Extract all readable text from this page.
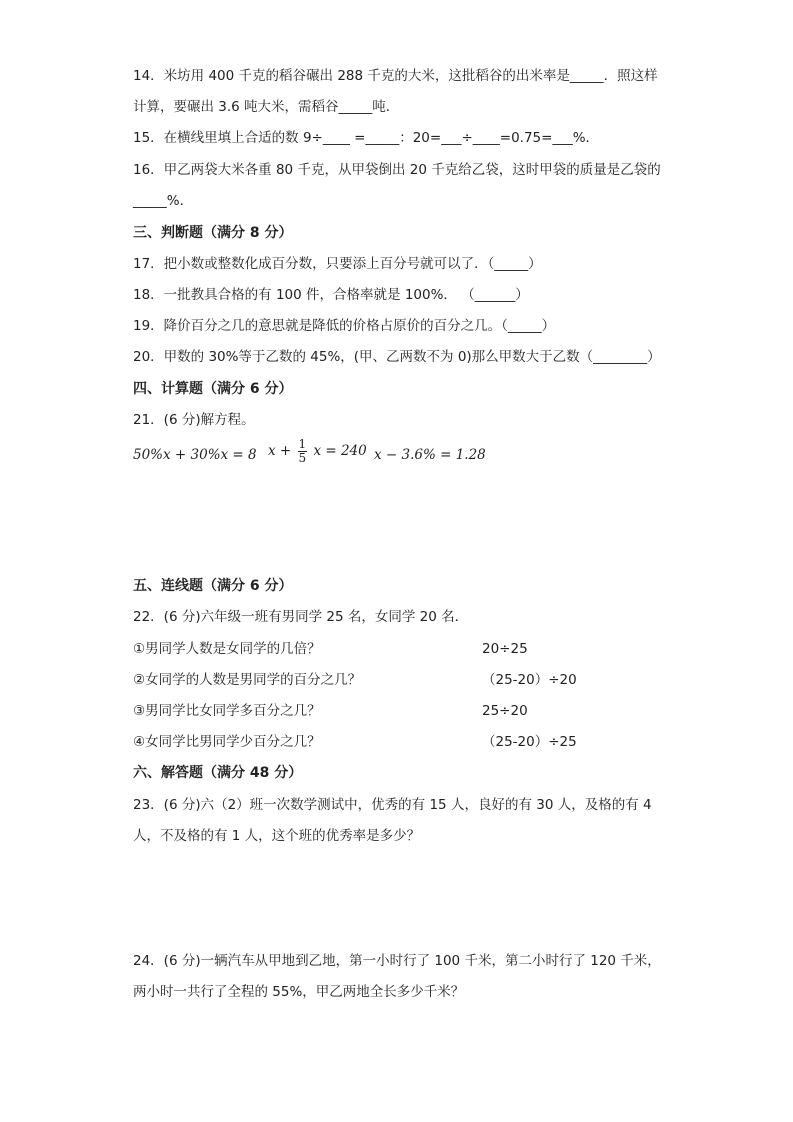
14．米坊用 400 千克的稻谷碾出 288 千克的大米，这批稻谷的出米率是_____．照这样
计算，要碾出 3.6 吨大米，需稻谷_____吨．
15．在横线里填上合适的数 9÷____ =_____：20=___÷____=0.75=___%．
16．甲乙两袋大米各重 80 千克，从甲袋倒出 20 千克给乙袋，这时甲袋的质量是乙袋的
_____%．
三、判断题（满分 8 分）
17．把小数或整数化成百分数，只要添上百分号就可以了．（_____）
18．一批教具合格的有 100 件，合格率就是 100%． （______）
19．降价百分之几的意思就是降低的价格占原价的百分之几。（_____）
20．甲数的 30%等于乙数的 45%，(甲、乙两数不为 0)那么甲数大于乙数（________）
四、计算题（满分 6 分）
21．(6 分)解方程。
50%x + 30%x = 8 $x + \frac{1}{5}$ x = 240 x − 3.6% = 1.28
五、连线题（满分 6 分）
22．(6 分)六年级一班有男同学 25 名，女同学 20 名．
①男同学人数是女同学的几倍？	20÷25
②女同学的人数是男同学的百分之几？	（25-20）÷20
③男同学比女同学多百分之几？	25÷20
④女同学比男同学少百分之几？	（25-20）÷25
六、解答题（满分 48 分）
23．(6 分)六（2）班一次数学测试中，优秀的有 15 人，良好的有 30 人，及格的有 4
人，不及格的有 1 人，这个班的优秀率是多少？
24．(6 分)一辆汽车从甲地到乙地，第一小时行了 100 千米，第二小时行了 120 千米，
两小时一共行了全程的 55%，甲乙两地全长多少千米？
